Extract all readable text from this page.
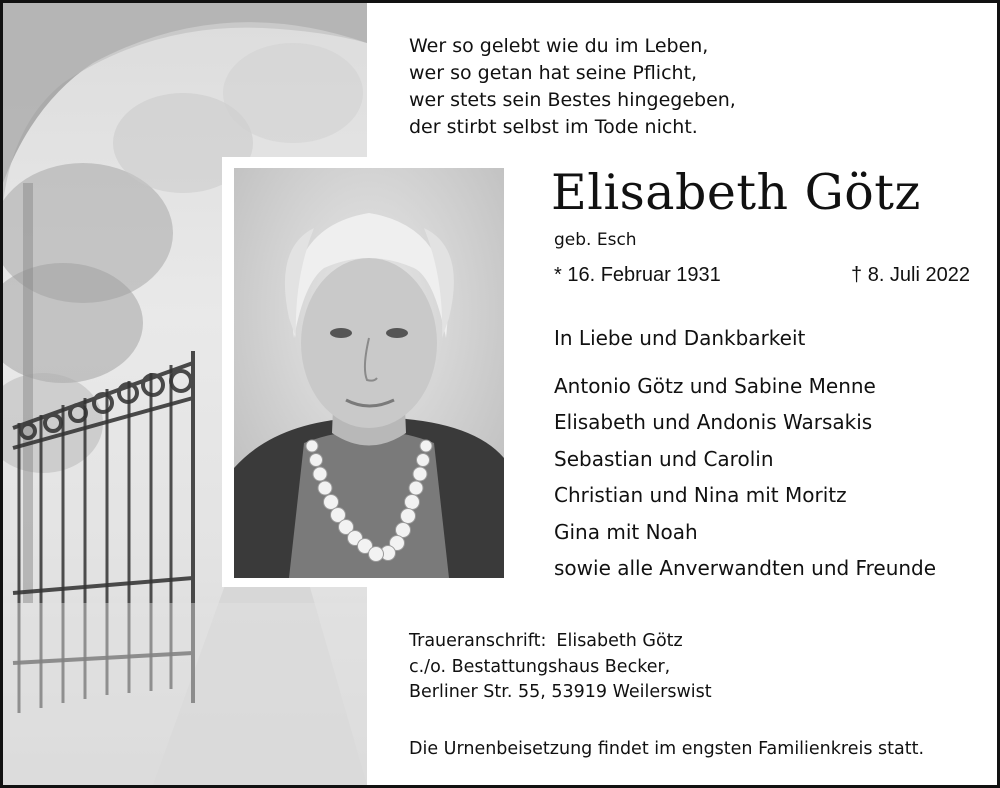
Wer so gelebt wie du im Leben,
wer so getan hat seine Pflicht,
wer stets sein Bestes hingegeben,
der stirbt selbst im Tode nicht.
Elisabeth Götz
geb. Esch
* 16. Februar 1931	† 8. Juli 2022
In Liebe und Dankbarkeit
Antonio Götz und Sabine Menne
Elisabeth und Andonis Warsakis
Sebastian und Carolin
Christian und Nina mit Moritz
Gina mit Noah
sowie alle Anverwandten und Freunde
Traueranschrift: Elisabeth Götz
c./o. Bestattungshaus Becker,
Berliner Str. 55, 53919 Weilerswist
Die Urnenbeisetzung findet im engsten Familienkreis statt.
